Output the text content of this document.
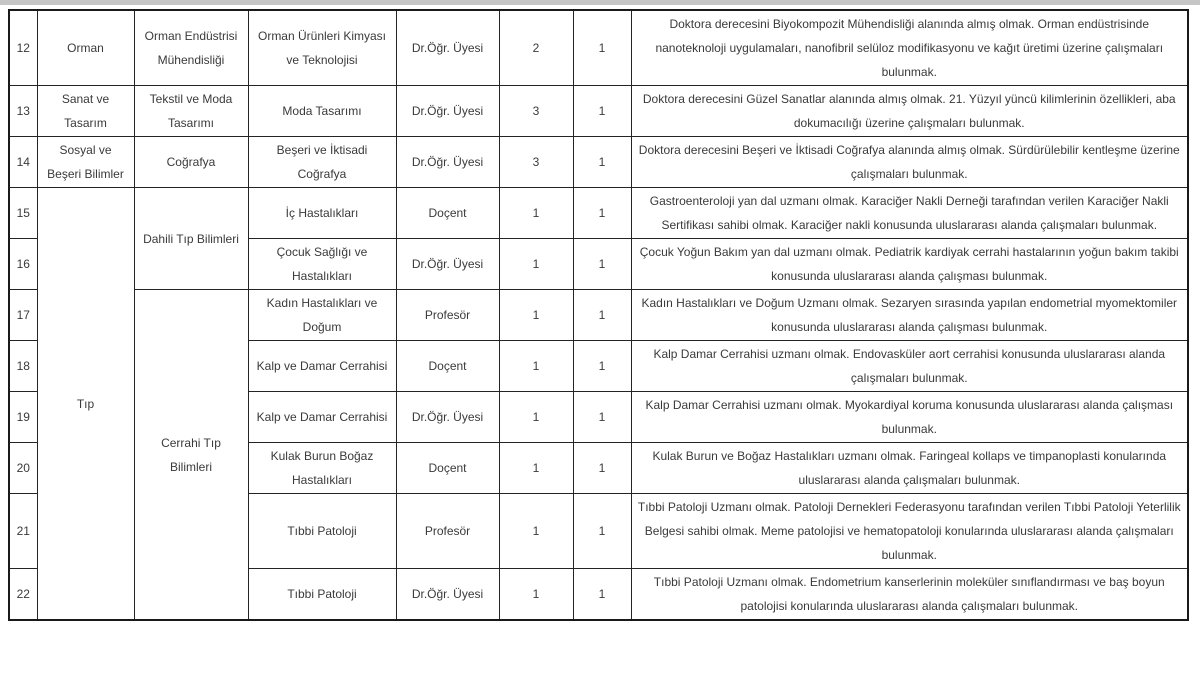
12	Orman	Orman Endüstrisi Mühendisliği	Orman Ürünleri Kimyası ve Teknolojisi	Dr.Öğr. Üyesi	2	1	Doktora derecesini Biyokompozit Mühendisliği alanında almış olmak. Orman endüstrisinde nanoteknoloji uygulamaları, nanofibril selüloz modifikasyonu ve kağıt üretimi üzerine çalışmaları bulunmak.
13	Sanat ve Tasarım	Tekstil ve Moda Tasarımı	Moda Tasarımı	Dr.Öğr. Üyesi	3	1	Doktora derecesini Güzel Sanatlar alanında almış olmak. 21. Yüzyıl yüncü kilimlerinin özellikleri, aba dokumacılığı üzerine çalışmaları bulunmak.
14	Sosyal ve Beşeri Bilimler	Coğrafya	Beşeri ve İktisadi Coğrafya	Dr.Öğr. Üyesi	3	1	Doktora derecesini Beşeri ve İktisadi Coğrafya alanında almış olmak. Sürdürülebilir kentleşme üzerine çalışmaları bulunmak.
15	Tıp	Dahili Tıp Bilimleri	İç Hastalıkları	Doçent	1	1	Gastroenteroloji yan dal uzmanı olmak. Karaciğer Nakli Derneği tarafından verilen Karaciğer Nakli Sertifikası sahibi olmak. Karaciğer nakli konusunda uluslararası alanda çalışmaları bulunmak.
16			Çocuk Sağlığı ve Hastalıkları	Dr.Öğr. Üyesi	1	1	Çocuk Yoğun Bakım yan dal uzmanı olmak. Pediatrik kardiyak cerrahi hastalarının yoğun bakım takibi konusunda uluslararası alanda çalışması bulunmak.
17		Cerrahi Tıp Bilimleri	Kadın Hastalıkları ve Doğum	Profesör	1	1	Kadın Hastalıkları ve Doğum Uzmanı olmak. Sezaryen sırasında yapılan endometrial myomektomiler konusunda uluslararası alanda çalışması bulunmak.
18			Kalp ve Damar Cerrahisi	Doçent	1	1	Kalp Damar Cerrahisi uzmanı olmak. Endovasküler aort cerrahisi konusunda uluslararası alanda çalışmaları bulunmak.
19			Kalp ve Damar Cerrahisi	Dr.Öğr. Üyesi	1	1	Kalp Damar Cerrahisi uzmanı olmak. Myokardiyal koruma konusunda uluslararası alanda çalışması bulunmak.
20			Kulak Burun Boğaz Hastalıkları	Doçent	1	1	Kulak Burun ve Boğaz Hastalıkları uzmanı olmak. Faringeal kollaps ve timpanoplasti konularında uluslararası alanda çalışmaları bulunmak.
21			Tıbbi Patoloji	Profesör	1	1	Tıbbi Patoloji Uzmanı olmak. Patoloji Dernekleri Federasyonu tarafından verilen Tıbbi Patoloji Yeterlilik Belgesi sahibi olmak. Meme patolojisi ve hematopatoloji konularında uluslararası alanda çalışmaları bulunmak.
22			Tıbbi Patoloji	Dr.Öğr. Üyesi	1	1	Tıbbi Patoloji Uzmanı olmak. Endometrium kanserlerinin moleküler sınıflandırması ve baş boyun patolojisi konularında uluslararası alanda çalışmaları bulunmak.
